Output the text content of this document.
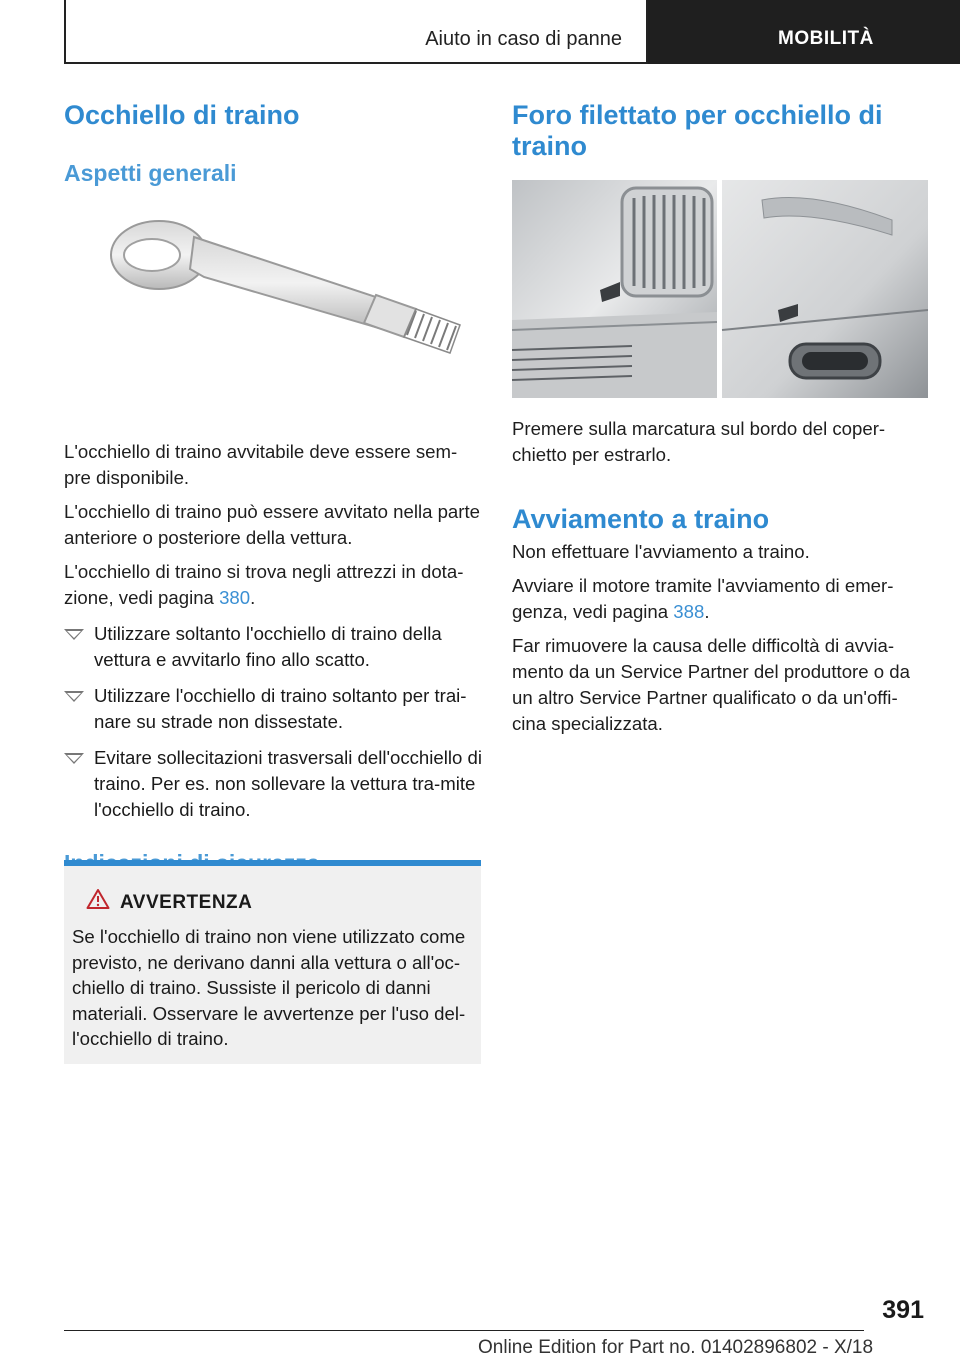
Aiuto in caso di panne	MOBILITÀ
Occhiello di traino
Aspetti generali

L'occhiello di traino avvitabile deve essere sem-pre disponibile.

L'occhiello di traino può essere avvitato nella parte anteriore o posteriore della vettura.

L'occhiello di traino si trova negli attrezzi in dota-zione, vedi pagina 380.

Utilizzare soltanto l'occhiello di traino della vettura e avvitarlo fino allo scatto.
Utilizzare l'occhiello di traino soltanto per trai-nare su strade non dissestate.
Evitare sollecitazioni trasversali dell'occhiello di traino. Per es. non sollevare la vettura tra-mite l'occhiello di traino.
AVVERTENZA
Se l'occhiello di traino non viene utilizzato come previsto, ne derivano danni alla vettura o all'oc-chiello di traino. Sussiste il pericolo di danni materiali. Osservare le avvertenze per l'uso del-l'occhiello di traino.
Foro filettato per occhiello di traino

Premere sulla marcatura sul bordo del coper-chietto per estrarlo.

Avviamento a traino

Non effettuare l'avviamento a traino.

Avviare il motore tramite l'avviamento di emer-genza, vedi pagina 388.

Far rimuovere la causa delle difficoltà di avvia-mento da un Service Partner del produttore o da un altro Service Partner qualificato o da un'offi-cina specializzata.

391
Online Edition for Part no. 01402896802 - X/18
